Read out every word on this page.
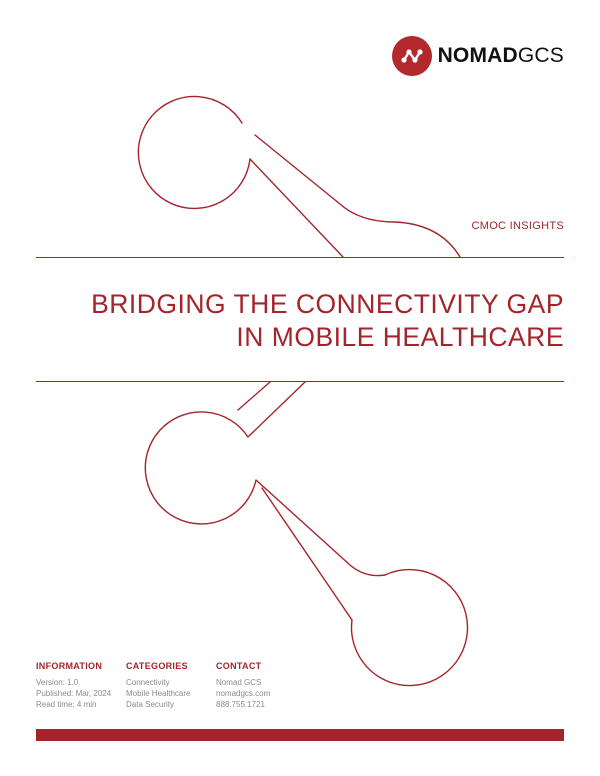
NOMADGCS
CMOC INSIGHTS
BRIDGING THE CONNECTIVITY GAP
IN MOBILE HEALTHCARE
INFORMATION
Version: 1.0
Published: Mar, 2024
Read time: 4 min
CATEGORIES
Connectivity
Mobile Healthcare
Data Security
CONTACT
Nomad GCS
nomadgcs.com
888.755.1721
